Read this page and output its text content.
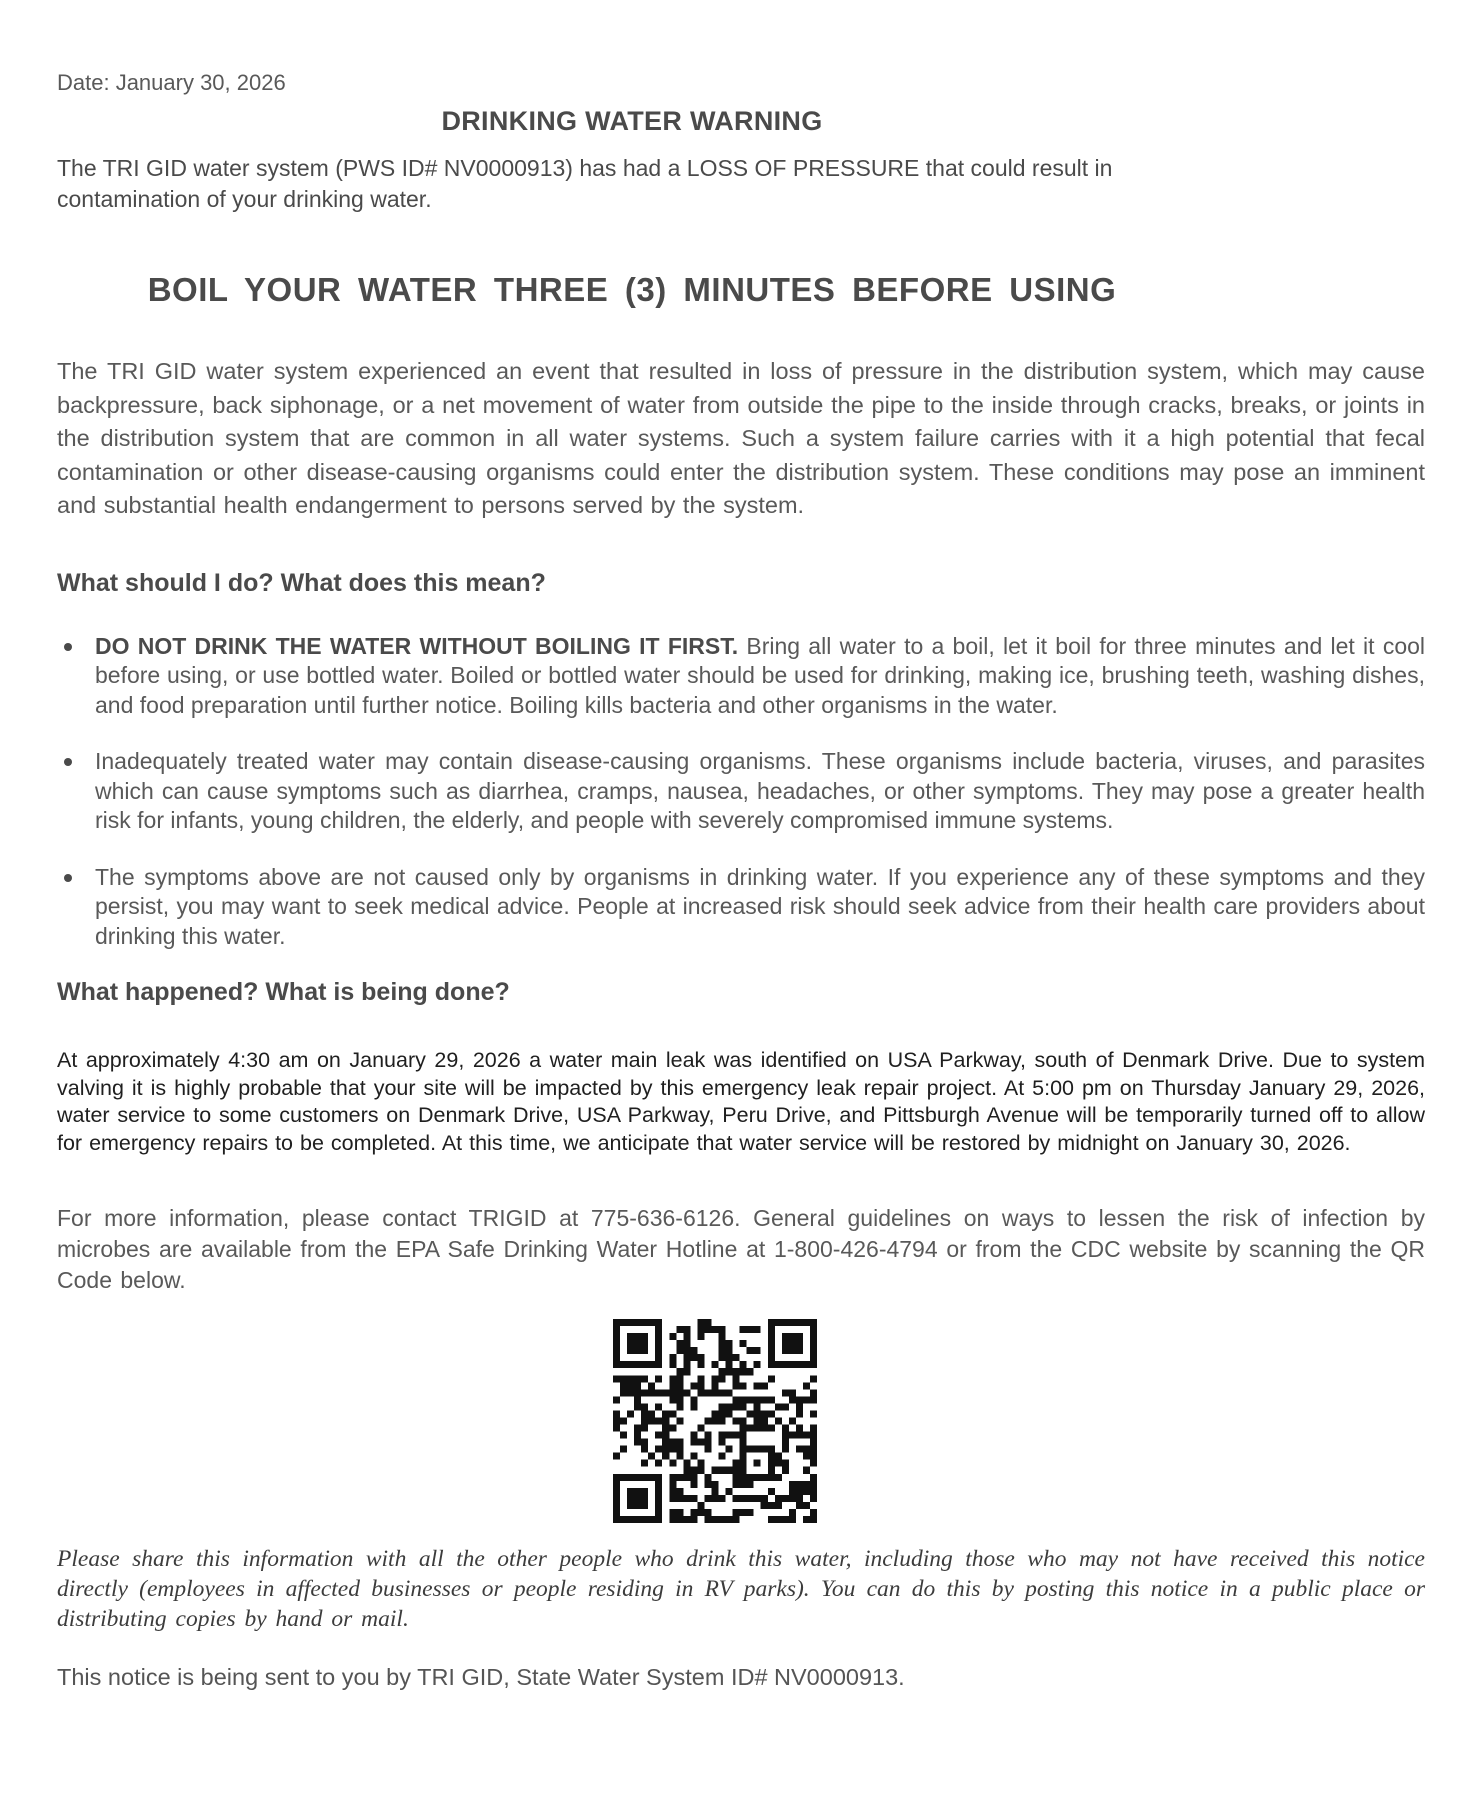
Date: January 30, 2026
DRINKING WATER WARNING

The TRI GID water system (PWS ID# NV0000913) has had a LOSS OF PRESSURE that could result in contamination of your drinking water.

BOIL YOUR WATER THREE (3) MINUTES BEFORE USING

The TRI GID water system experienced an event that resulted in loss of pressure in the distribution system, which may cause backpressure, back siphonage, or a net movement of water from outside the pipe to the inside through cracks, breaks, or joints in the distribution system that are common in all water systems. Such a system failure carries with it a high potential that fecal contamination or other disease-causing organisms could enter the distribution system. These conditions may pose an imminent and substantial health endangerment to persons served by the system.

What should I do? What does this mean?
DO NOT DRINK THE WATER WITHOUT BOILING IT FIRST. Bring all water to a boil, let it boil for three minutes and let it cool before using, or use bottled water. Boiled or bottled water should be used for drinking, making ice, brushing teeth, washing dishes, and food preparation until further notice. Boiling kills bacteria and other organisms in the water.
Inadequately treated water may contain disease-causing organisms. These organisms include bacteria, viruses, and parasites which can cause symptoms such as diarrhea, cramps, nausea, headaches, or other symptoms. They may pose a greater health risk for infants, young children, the elderly, and people with severely compromised immune systems.
The symptoms above are not caused only by organisms in drinking water. If you experience any of these symptoms and they persist, you may want to seek medical advice. People at increased risk should seek advice from their health care providers about drinking this water.
What happened? What is being done?

At approximately 4:30 am on January 29, 2026 a water main leak was identified on USA Parkway, south of Denmark Drive. Due to system valving it is highly probable that your site will be impacted by this emergency leak repair project. At 5:00 pm on Thursday January 29, 2026, water service to some customers on Denmark Drive, USA Parkway, Peru Drive, and Pittsburgh Avenue will be temporarily turned off to allow for emergency repairs to be completed. At this time, we anticipate that water service will be restored by midnight on January 30, 2026.

For more information, please contact TRIGID at 775-636-6126. General guidelines on ways to lessen the risk of infection by microbes are available from the EPA Safe Drinking Water Hotline at 1-800-426-4794 or from the CDC website by scanning the QR Code below.

Please share this information with all the other people who drink this water, including those who may not have received this notice directly (employees in affected businesses or people residing in RV parks). You can do this by posting this notice in a public place or distributing copies by hand or mail.

This notice is being sent to you by TRI GID, State Water System ID# NV0000913.
